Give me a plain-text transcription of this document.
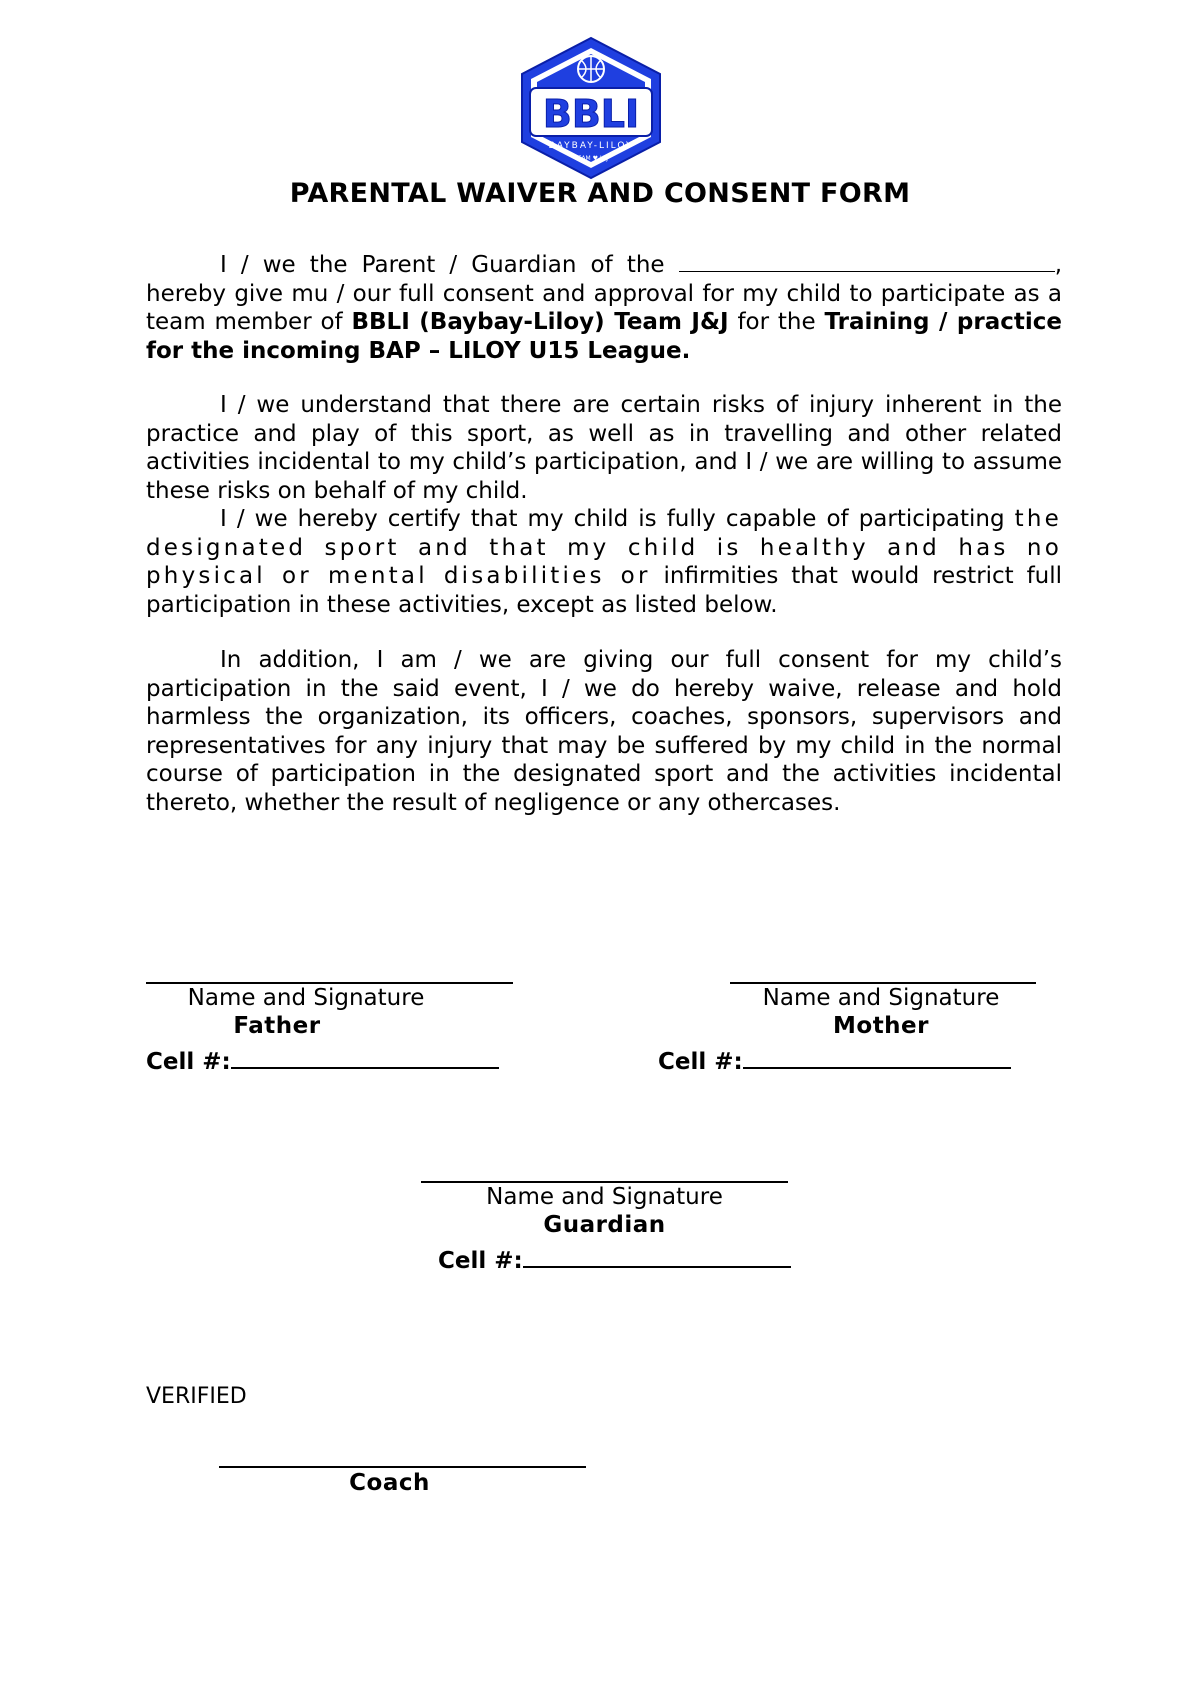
BBLI
BAYBAY-LILOY
TEAM ♥ J&J
PARENTAL WAIVER AND CONSENT FORM

I / we the Parent / Guardian of the	, hereby give mu / our full consent and approval for my child to participate as a team member of BBLI (Baybay-Liloy) Team J&J for the Training / practice for the incoming BAP – LILOY U15 League.

I / we understand that there are certain risks of injury inherent in the practice and play of this sport, as well as in travelling and other related activities incidental to my child’s participation, and I / we are willing to assume these risks on behalf of my child.
I / we hereby certify that my child is fully capable of participating the designated sport and that my child is healthy and has no physical or mental disabilities or infirmities that would restrict full participation in these activities, except as listed below.

In addition, I am / we are giving our full consent for my child’s participation in the said event, I / we do hereby waive, release and hold harmless the organization, its officers, coaches, sponsors, supervisors and representatives for any injury that may be suffered by my child in the normal course of participation in the designated sport and the activities incidental thereto, whether the result of negligence or any othercases.

Name and Signature
Father
Cell #:
Name and Signature
Mother
Cell #:
Name and Signature
Guardian
Cell #:
VERIFIED
Coach
